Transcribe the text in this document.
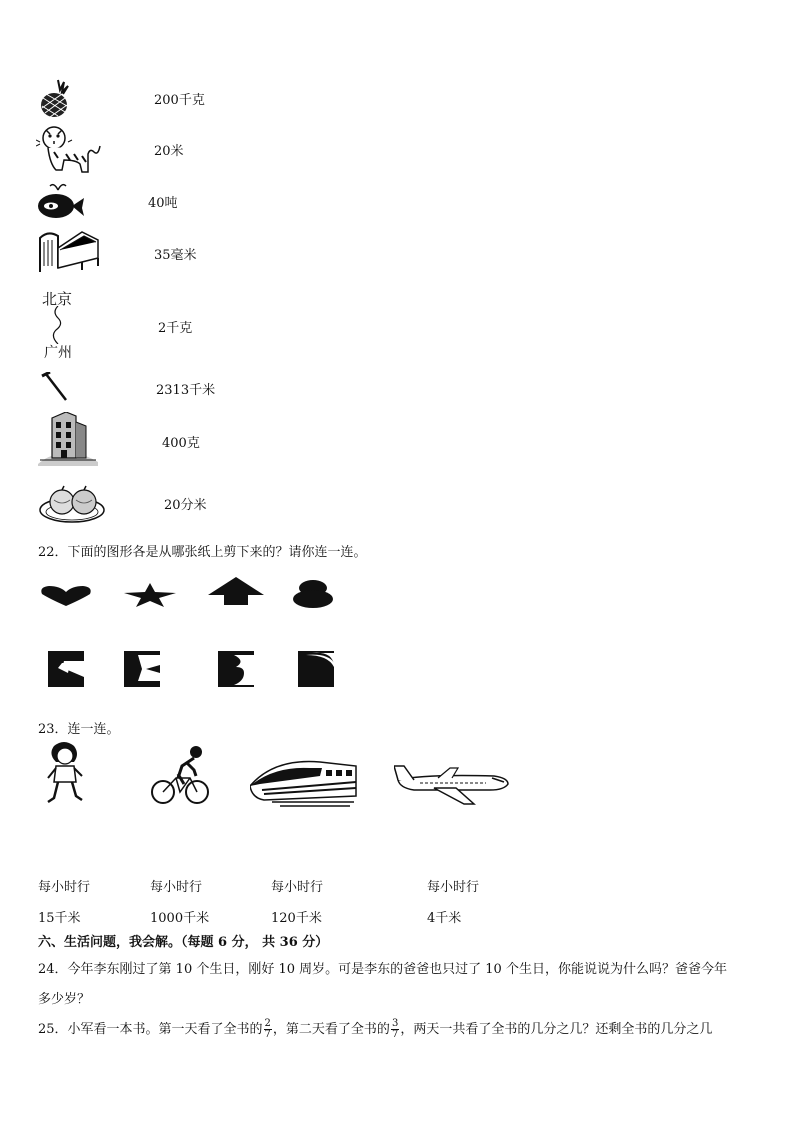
200千克
20米
40吨
35毫米
北京
广州
2千克
2313千米
400克
20分米
22．下面的图形各是从哪张纸上剪下来的？请你连一连。
23．连一连。
每小时行	每小时行	每小时行	每小时行
15千米	1000千米	120千米	4千米
六、生活问题，我会解。（每题 6 分， 共 36 分）
24．今年李东刚过了第 10 个生日，刚好 10 周岁。可是李东的爸爸也只过了 10 个生日，你能说说为什么吗？爸爸今年
多少岁？
25．小军看一本书。第一天看了全书的 $\frac{2}{7}$ ，第二天看了全书的 $\frac{3}{7}$ ，两天一共看了全书的几分之几？还剩全书的几分之几
